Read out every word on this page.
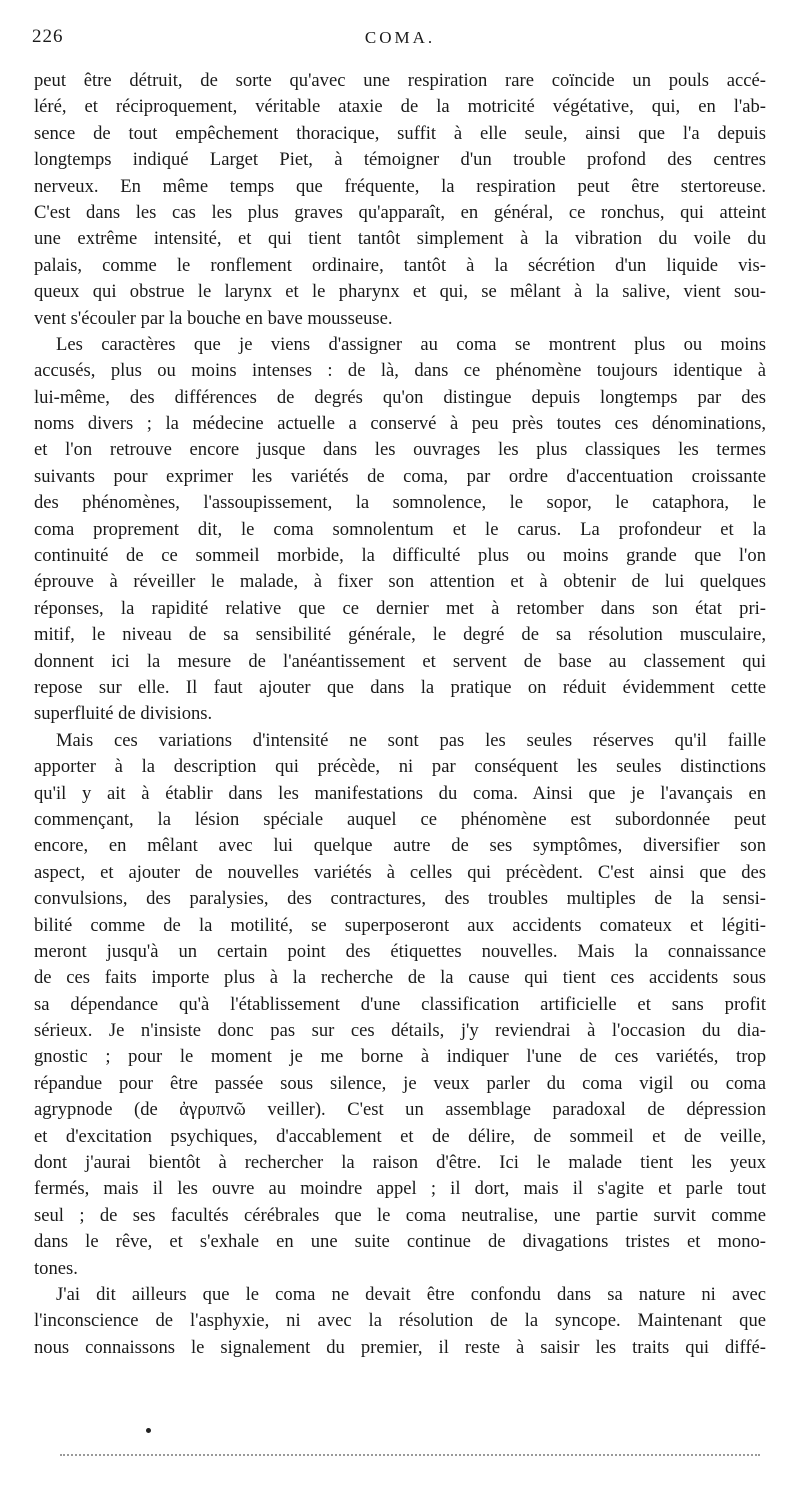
226	COMA.
peut être détruit, de sorte qu'avec une respiration rare coïncide un pouls accé-
léré, et réciproquement, véritable ataxie de la motricité végétative, qui, en l'ab-
sence de tout empêchement thoracique, suffit à elle seule, ainsi que l'a depuis
longtemps indiqué Larget Piet, à témoigner d'un trouble profond des centres
nerveux. En même temps que fréquente, la respiration peut être stertoreuse.
C'est dans les cas les plus graves qu'apparaît, en général, ce ronchus, qui atteint
une extrême intensité, et qui tient tantôt simplement à la vibration du voile du
palais, comme le ronflement ordinaire, tantôt à la sécrétion d'un liquide vis-
queux qui obstrue le larynx et le pharynx et qui, se mêlant à la salive, vient sou-
vent s'écouler par la bouche en bave mousseuse.
Les caractères que je viens d'assigner au coma se montrent plus ou moins
accusés, plus ou moins intenses : de là, dans ce phénomène toujours identique à
lui-même, des différences de degrés qu'on distingue depuis longtemps par des
noms divers ; la médecine actuelle a conservé à peu près toutes ces dénominations,
et l'on retrouve encore jusque dans les ouvrages les plus classiques les termes
suivants pour exprimer les variétés de coma, par ordre d'accentuation croissante
des phénomènes, l'assoupissement, la somnolence, le sopor, le cataphora, le
coma proprement dit, le coma somnolentum et le carus. La profondeur et la
continuité de ce sommeil morbide, la difficulté plus ou moins grande que l'on
éprouve à réveiller le malade, à fixer son attention et à obtenir de lui quelques
réponses, la rapidité relative que ce dernier met à retomber dans son état pri-
mitif, le niveau de sa sensibilité générale, le degré de sa résolution musculaire,
donnent ici la mesure de l'anéantissement et servent de base au classement qui
repose sur elle. Il faut ajouter que dans la pratique on réduit évidemment cette
superfluité de divisions.
Mais ces variations d'intensité ne sont pas les seules réserves qu'il faille
apporter à la description qui précède, ni par conséquent les seules distinctions
qu'il y ait à établir dans les manifestations du coma. Ainsi que je l'avançais en
commençant, la lésion spéciale auquel ce phénomène est subordonnée peut
encore, en mêlant avec lui quelque autre de ses symptômes, diversifier son
aspect, et ajouter de nouvelles variétés à celles qui précèdent. C'est ainsi que des
convulsions, des paralysies, des contractures, des troubles multiples de la sensi-
bilité comme de la motilité, se superposeront aux accidents comateux et légiti-
meront jusqu'à un certain point des étiquettes nouvelles. Mais la connaissance
de ces faits importe plus à la recherche de la cause qui tient ces accidents sous
sa dépendance qu'à l'établissement d'une classification artificielle et sans profit
sérieux. Je n'insiste donc pas sur ces détails, j'y reviendrai à l'occasion du dia-
gnostic ; pour le moment je me borne à indiquer l'une de ces variétés, trop
répandue pour être passée sous silence, je veux parler du coma vigil ou coma
agrypnode (de ἀγρυπνῶ veiller). C'est un assemblage paradoxal de dépression
et d'excitation psychiques, d'accablement et de délire, de sommeil et de veille,
dont j'aurai bientôt à rechercher la raison d'être. Ici le malade tient les yeux
fermés, mais il les ouvre au moindre appel ; il dort, mais il s'agite et parle tout
seul ; de ses facultés cérébrales que le coma neutralise, une partie survit comme
dans le rêve, et s'exhale en une suite continue de divagations tristes et mono-
tones.
J'ai dit ailleurs que le coma ne devait être confondu dans sa nature ni avec
l'inconscience de l'asphyxie, ni avec la résolution de la syncope. Maintenant que
nous connaissons le signalement du premier, il reste à saisir les traits qui diffé-
